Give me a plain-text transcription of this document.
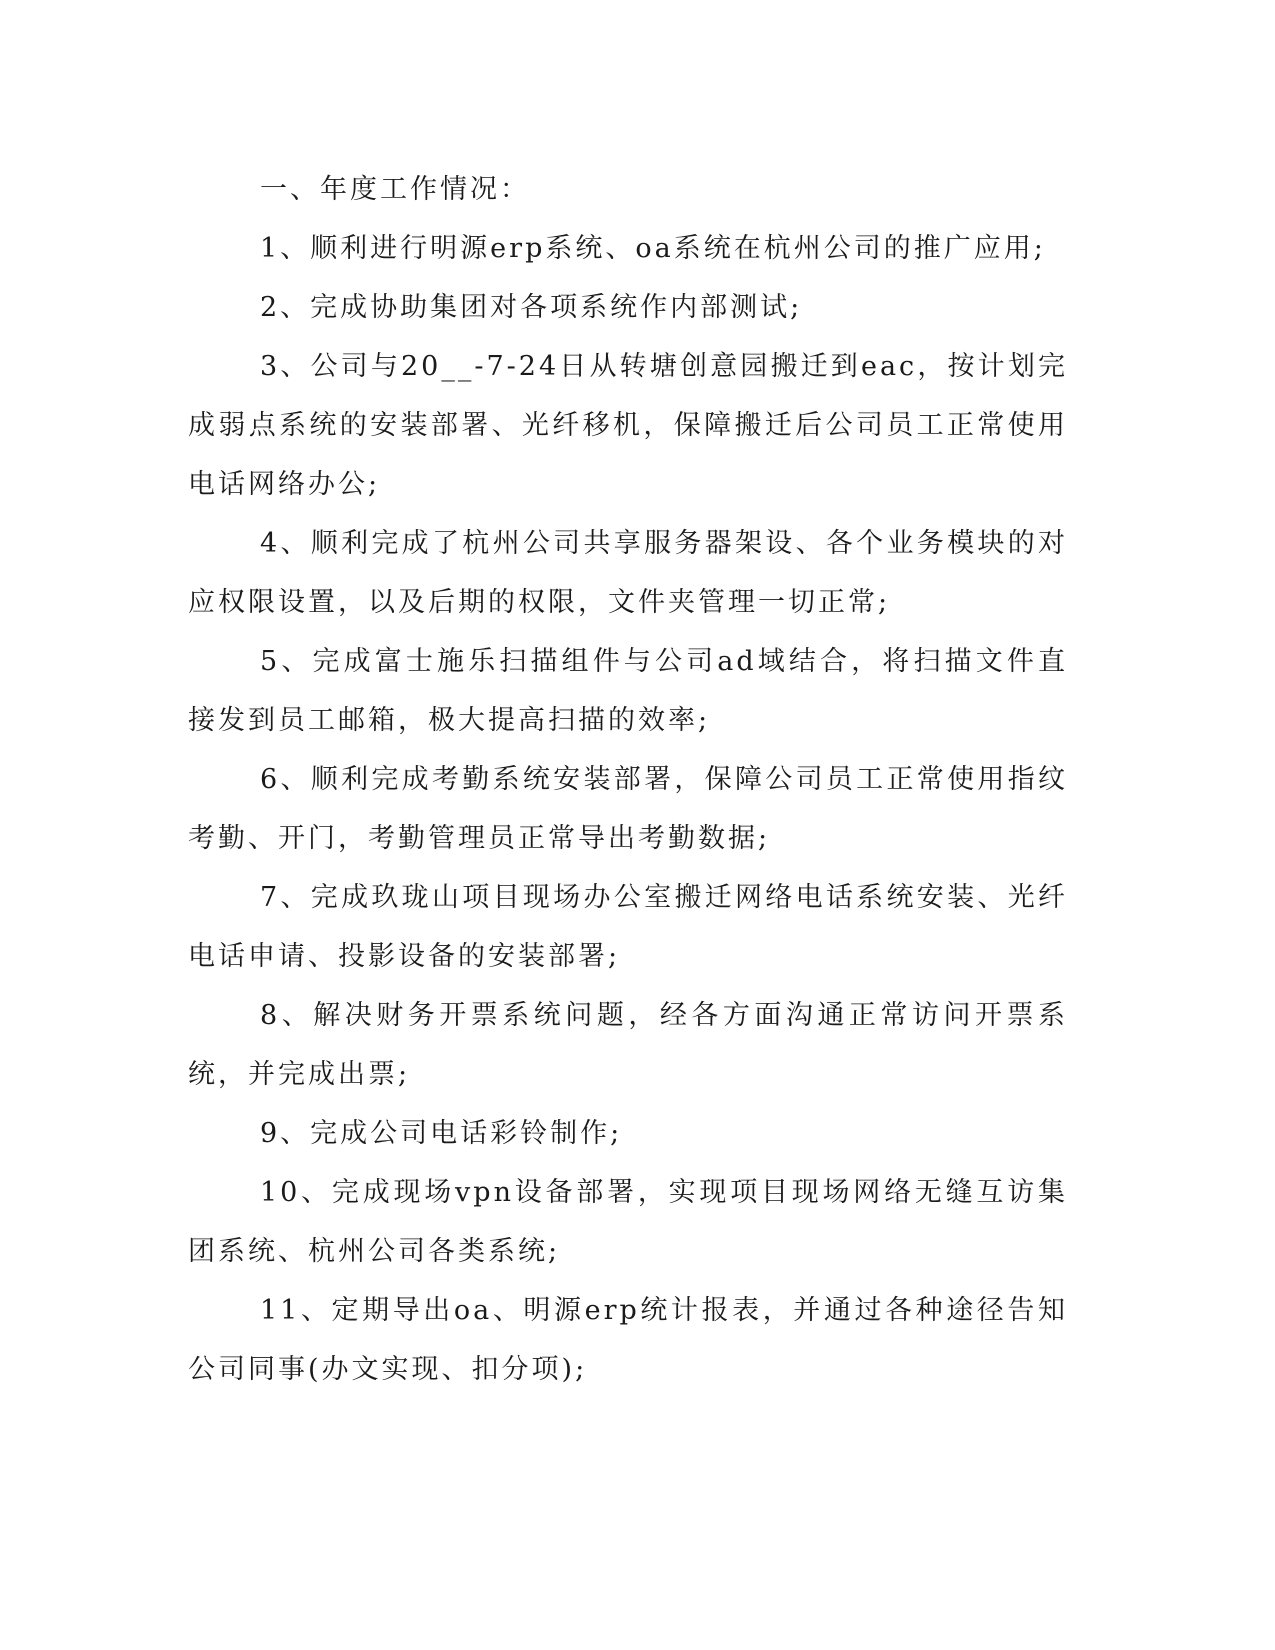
一、年度工作情况：

1、顺利进行明源erp系统、oa系统在杭州公司的推广应用;

2、完成协助集团对各项系统作内部测试;

3、公司与20__-7-24日从转塘创意园搬迁到eac，按计划完成弱点系统的安装部署、光纤移机，保障搬迁后公司员工正常使用电话网络办公;

4、顺利完成了杭州公司共享服务器架设、各个业务模块的对应权限设置，以及后期的权限，文件夹管理一切正常;

5、完成富士施乐扫描组件与公司ad域结合，将扫描文件直接发到员工邮箱，极大提高扫描的效率;

6、顺利完成考勤系统安装部署，保障公司员工正常使用指纹考勤、开门，考勤管理员正常导出考勤数据;

7、完成玖珑山项目现场办公室搬迁网络电话系统安装、光纤电话申请、投影设备的安装部署;

8、解决财务开票系统问题，经各方面沟通正常访问开票系统，并完成出票;

9、完成公司电话彩铃制作;

10、完成现场vpn设备部署，实现项目现场网络无缝互访集团系统、杭州公司各类系统;

11、定期导出oa、明源erp统计报表，并通过各种途径告知公司同事(办文实现、扣分项);
